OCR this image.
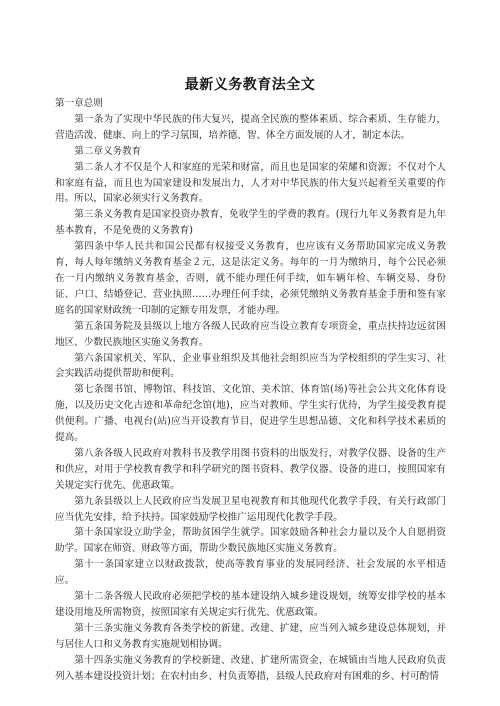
最新义务教育法全文

第一章总则

第一条为了实现中华民族的伟大复兴，提高全民族的整体素质、综合素质、生存能力，营造活泼、健康、向上的学习氛围，培养德、智、体全方面发展的人才，制定本法。

第二章义务教育

第二条人才不仅是个人和家庭的光荣和财富，而且也是国家的荣耀和资源；不仅对个人和家庭有益，而且也为国家建设和发展出力，人才对中华民族的伟大复兴起着至关重要的作用。所以，国家必须实行义务教育。

第三条义务教育是国家投资办教育，免收学生的学费的教育。(现行九年义务教育是九年基本教育，不是免费的义务教育)

第四条中华人民共和国公民都有权接受义务教育，也应该有义务帮助国家完成义务教育，每人每年缴纳义务教育基金２元，这是法定义务。每年的一月为缴纳月，每个公民必须在一月内缴纳义务教育基金，否则，就不能办理任何手续，如车辆年检、车辆交易、身份证、户口、结婚登记、营业执照……办理任何手续，必须凭缴纳义务教育基金手册和签有家庭名的国家财政统一印制的定额专用发票，才能办理。

第五条国务院及县级以上地方各级人民政府应当设立教育专项资金，重点扶持边远贫困地区、少数民族地区实施义务教育。

第六条国家机关、军队、企业事业组织及其他社会组织应当为学校组织的学生实习、社会实践活动提供帮助和便利。

第七条图书馆、博物馆、科技馆、文化馆、美术馆、体育馆(场)等社会公共文化体育设施，以及历史文化古迹和革命纪念馆(地)，应当对教师、学生实行优待，为学生接受教育提供便利。广播、电视台(站)应当开设教育节目，促进学生思想品德、文化和科学技术素质的提高。

第八条各级人民政府对教科书及教学用图书资料的出版发行，对教学仪器、设备的生产和供应，对用于学校教育教学和科学研究的图书资料、教学仪器、设备的进口，按照国家有关规定实行优先、优惠政策。

第九条县级以上人民政府应当发展卫星电视教育和其他现代化教学手段，有关行政部门应当优先安排，给予扶持。国家鼓励学校推广运用现代化教学手段。

第十条国家设立助学金，帮助贫困学生就学。国家鼓励各种社会力量以及个人自愿捐资助学。国家在师资、财政等方面，帮助少数民族地区实施义务教育。

第十一条国家建立以财政拨款，使高等教育事业的发展同经济、社会发展的水平相适应。

第十二条各级人民政府必须把学校的基本建设纳入城乡建设规划，统筹安排学校的基本建设用地及所需物资，按照国家有关规定实行优先、优惠政策。

第十三条实施义务教育各类学校的新建、改建、扩建，应当列入城乡建设总体规划，并与居住人口和义务教育实施规划相协调。

第十四条实施义务教育的学校新建、改建、扩建所需资金，在城镇由当地人民政府负责列入基本建设投资计划；在农村由乡、村负责筹措，县级人民政府对有困难的乡、村可酌情
